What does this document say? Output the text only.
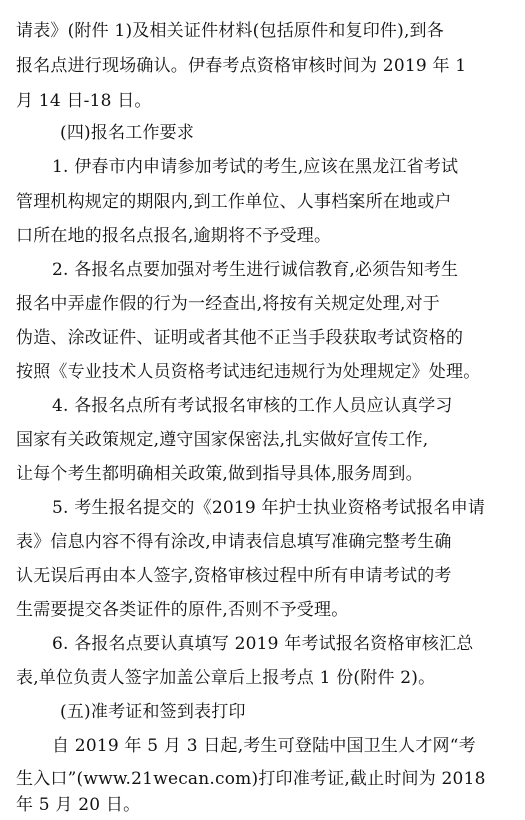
请表》(附件 1)及相关证件材料(包括原件和复印件),到各
报名点进行现场确认。伊春考点资格审核时间为 2019 年 1
月 14 日-18 日。
(四)报名工作要求
1. 伊春市内申请参加考试的考生,应该在黑龙江省考试
管理机构规定的期限内,到工作单位、人事档案所在地或户
口所在地的报名点报名,逾期将不予受理。
2. 各报名点要加强对考生进行诚信教育,必须告知考生
报名中弄虚作假的行为一经查出,将按有关规定处理,对于
伪造、涂改证件、证明或者其他不正当手段获取考试资格的
按照《专业技术人员资格考试违纪违规行为处理规定》处理。
4. 各报名点所有考试报名审核的工作人员应认真学习
国家有关政策规定,遵守国家保密法,扎实做好宣传工作,
让每个考生都明确相关政策,做到指导具体,服务周到。
5. 考生报名提交的《2019 年护士执业资格考试报名申请
表》信息内容不得有涂改,申请表信息填写准确完整考生确
认无误后再由本人签字,资格审核过程中所有申请考试的考
生需要提交各类证件的原件,否则不予受理。
6. 各报名点要认真填写 2019 年考试报名资格审核汇总
表,单位负责人签字加盖公章后上报考点 1 份(附件 2)。
(五)准考证和签到表打印
自 2019 年 5 月 3 日起,考生可登陆中国卫生人才网“考
生入口”(www.21wecan.com)打印准考证,截止时间为 2018
年 5 月 20 日。
